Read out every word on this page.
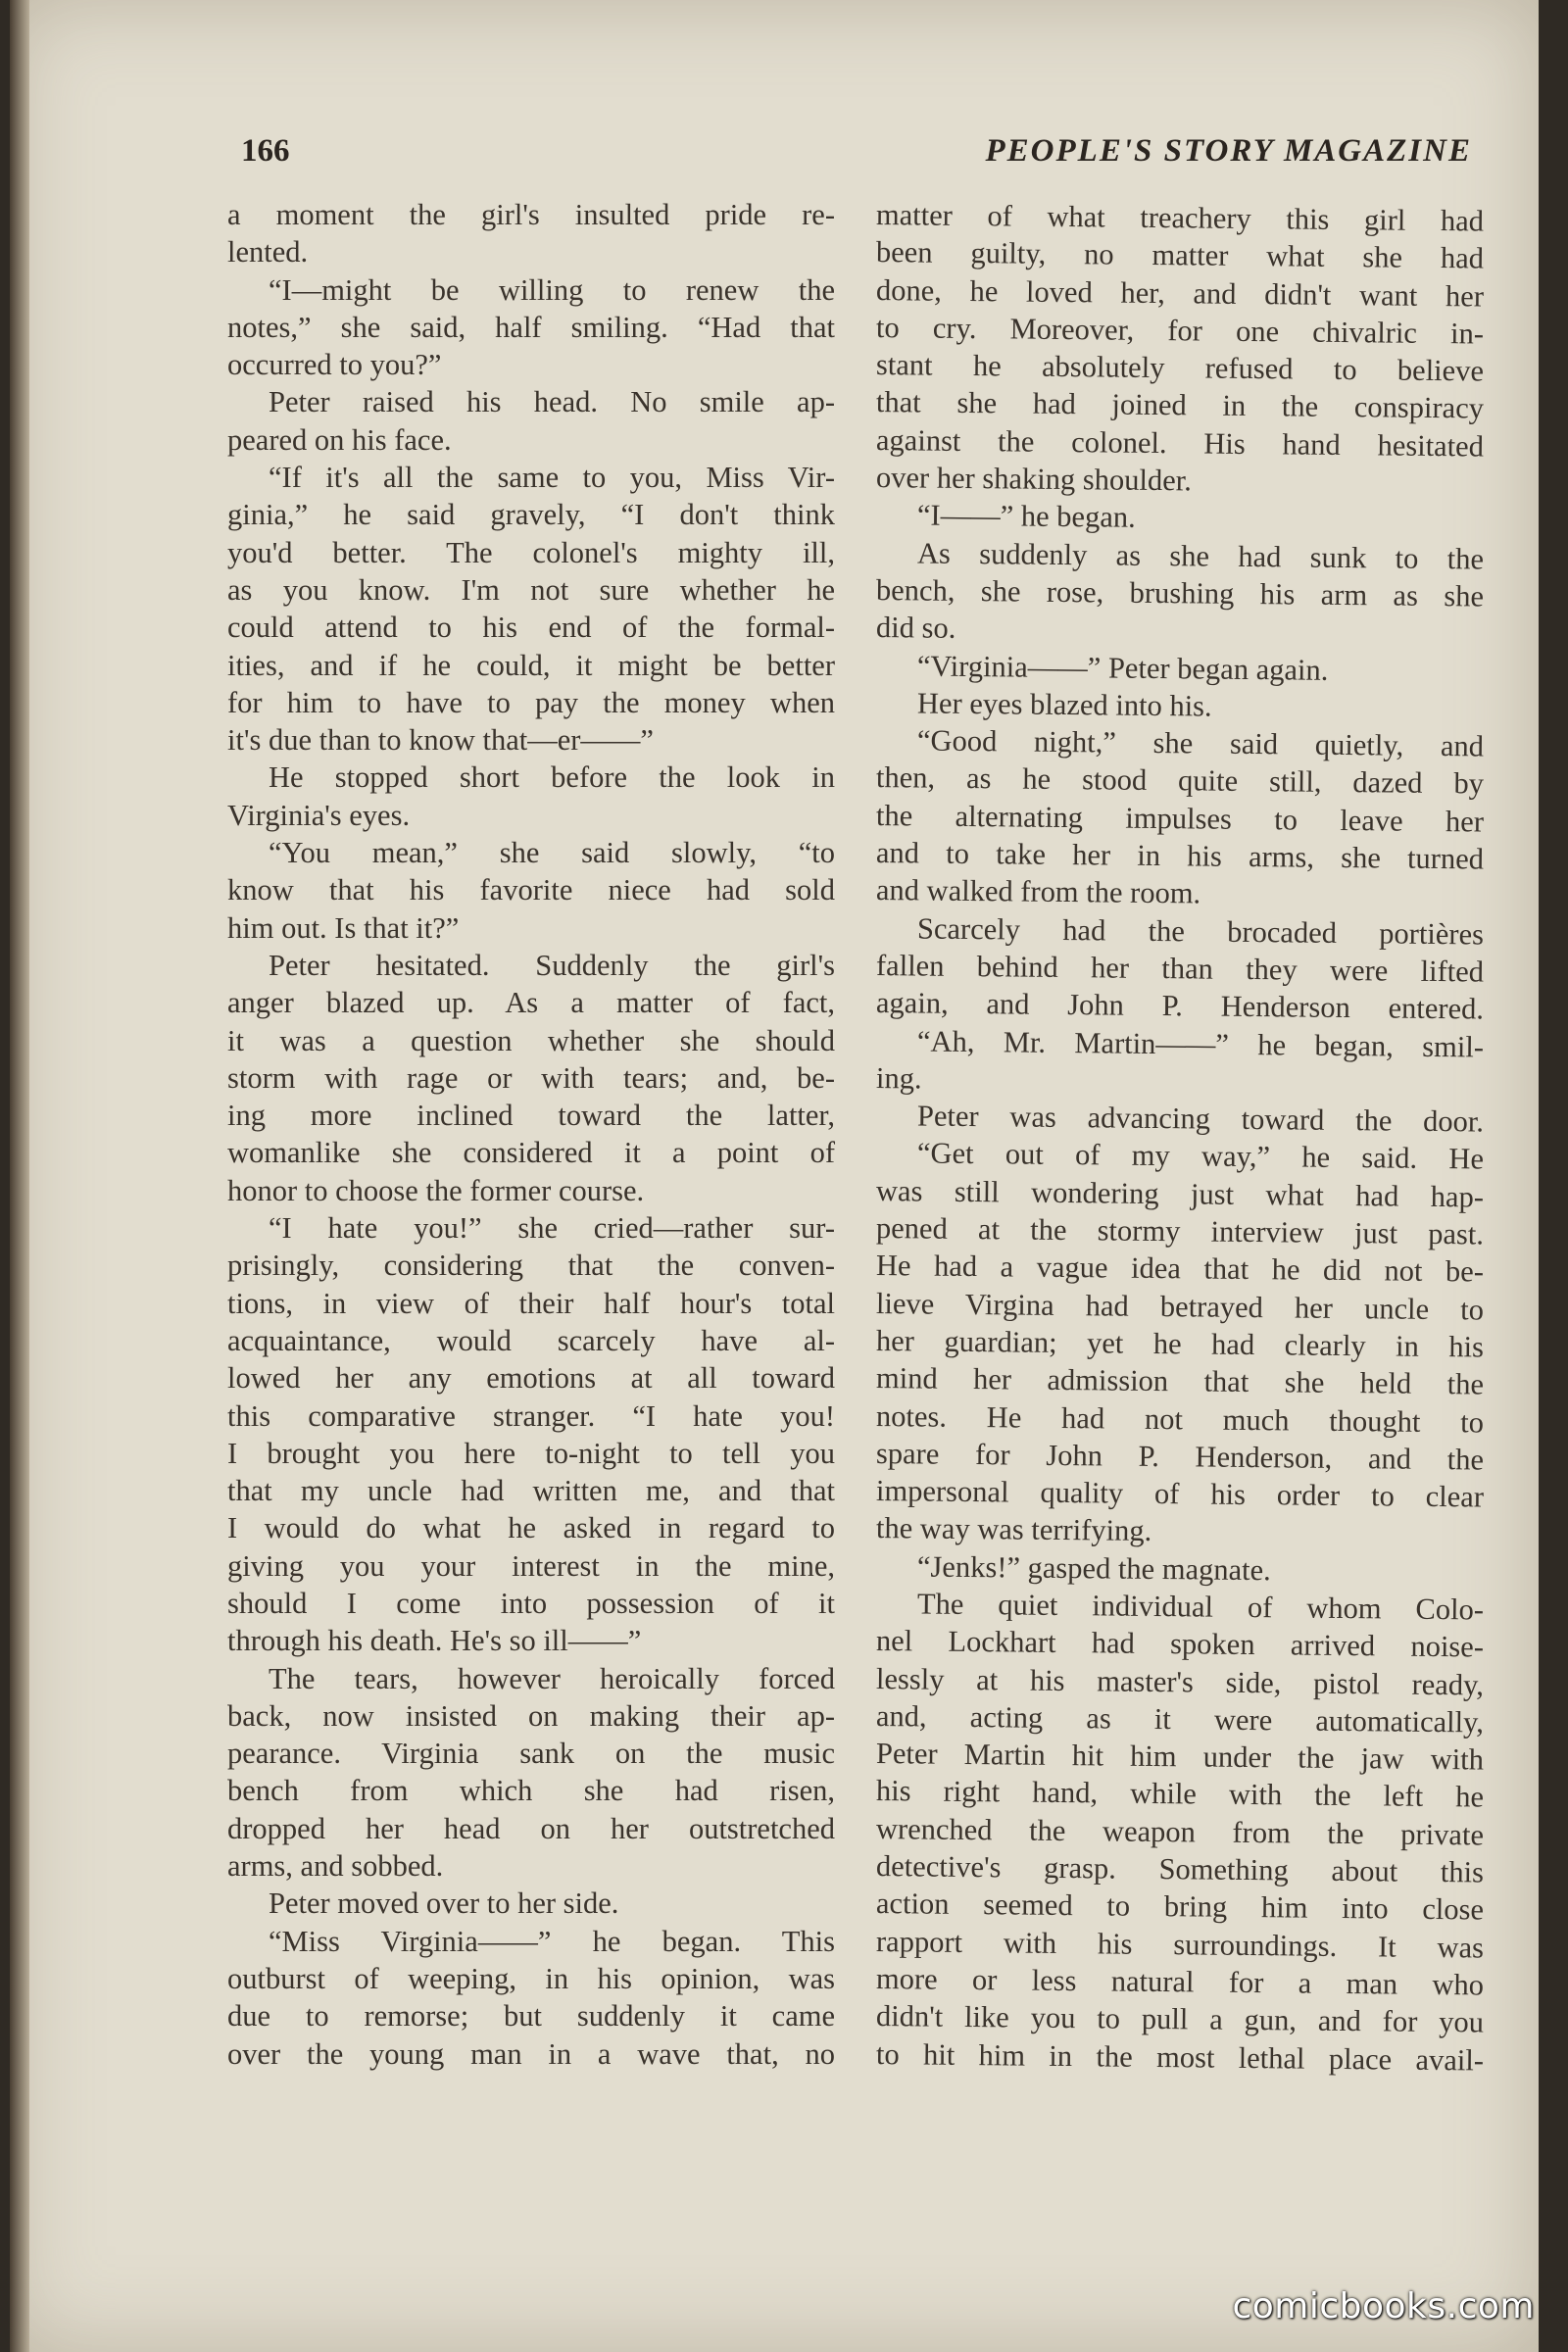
166	PEOPLE'S STORY MAGAZINE
a moment the girl's insulted pride re-
lented.
“I—might be willing to renew the
notes,” she said, half smiling. “Had that
occurred to you?”
Peter raised his head. No smile ap-
peared on his face.
“If it's all the same to you, Miss Vir-
ginia,” he said gravely, “I don't think
you'd better. The colonel's mighty ill,
as you know. I'm not sure whether he
could attend to his end of the formal-
ities, and if he could, it might be better
for him to have to pay the money when
it's due than to know that—er——”
He stopped short before the look in
Virginia's eyes.
“You mean,” she said slowly, “to
know that his favorite niece had sold
him out. Is that it?”
Peter hesitated. Suddenly the girl's
anger blazed up. As a matter of fact,
it was a question whether she should
storm with rage or with tears; and, be-
ing more inclined toward the latter,
womanlike she considered it a point of
honor to choose the former course.
“I hate you!” she cried—rather sur-
prisingly, considering that the conven-
tions, in view of their half hour's total
acquaintance, would scarcely have al-
lowed her any emotions at all toward
this comparative stranger. “I hate you!
I brought you here to-night to tell you
that my uncle had written me, and that
I would do what he asked in regard to
giving you your interest in the mine,
should I come into possession of it
through his death. He's so ill——”
The tears, however heroically forced
back, now insisted on making their ap-
pearance. Virginia sank on the music
bench from which she had risen,
dropped her head on her outstretched
arms, and sobbed.
Peter moved over to her side.
“Miss Virginia——” he began. This
outburst of weeping, in his opinion, was
due to remorse; but suddenly it came
over the young man in a wave that, no
matter of what treachery this girl had
been guilty, no matter what she had
done, he loved her, and didn't want her
to cry. Moreover, for one chivalric in-
stant he absolutely refused to believe
that she had joined in the conspiracy
against the colonel. His hand hesitated
over her shaking shoulder.
“I——” he began.
As suddenly as she had sunk to the
bench, she rose, brushing his arm as she
did so.
“Virginia——” Peter began again.
Her eyes blazed into his.
“Good night,” she said quietly, and
then, as he stood quite still, dazed by
the alternating impulses to leave her
and to take her in his arms, she turned
and walked from the room.
Scarcely had the brocaded portières
fallen behind her than they were lifted
again, and John P. Henderson entered.
“Ah, Mr. Martin——” he began, smil-
ing.
Peter was advancing toward the door.
“Get out of my way,” he said. He
was still wondering just what had hap-
pened at the stormy interview just past.
He had a vague idea that he did not be-
lieve Virgina had betrayed her uncle to
her guardian; yet he had clearly in his
mind her admission that she held the
notes. He had not much thought to
spare for John P. Henderson, and the
impersonal quality of his order to clear
the way was terrifying.
“Jenks!” gasped the magnate.
The quiet individual of whom Colo-
nel Lockhart had spoken arrived noise-
lessly at his master's side, pistol ready,
and, acting as it were automatically,
Peter Martin hit him under the jaw with
his right hand, while with the left he
wrenched the weapon from the private
detective's grasp. Something about this
action seemed to bring him into close
rapport with his surroundings. It was
more or less natural for a man who
didn't like you to pull a gun, and for you
to hit him in the most lethal place avail-
comicbooks.com
